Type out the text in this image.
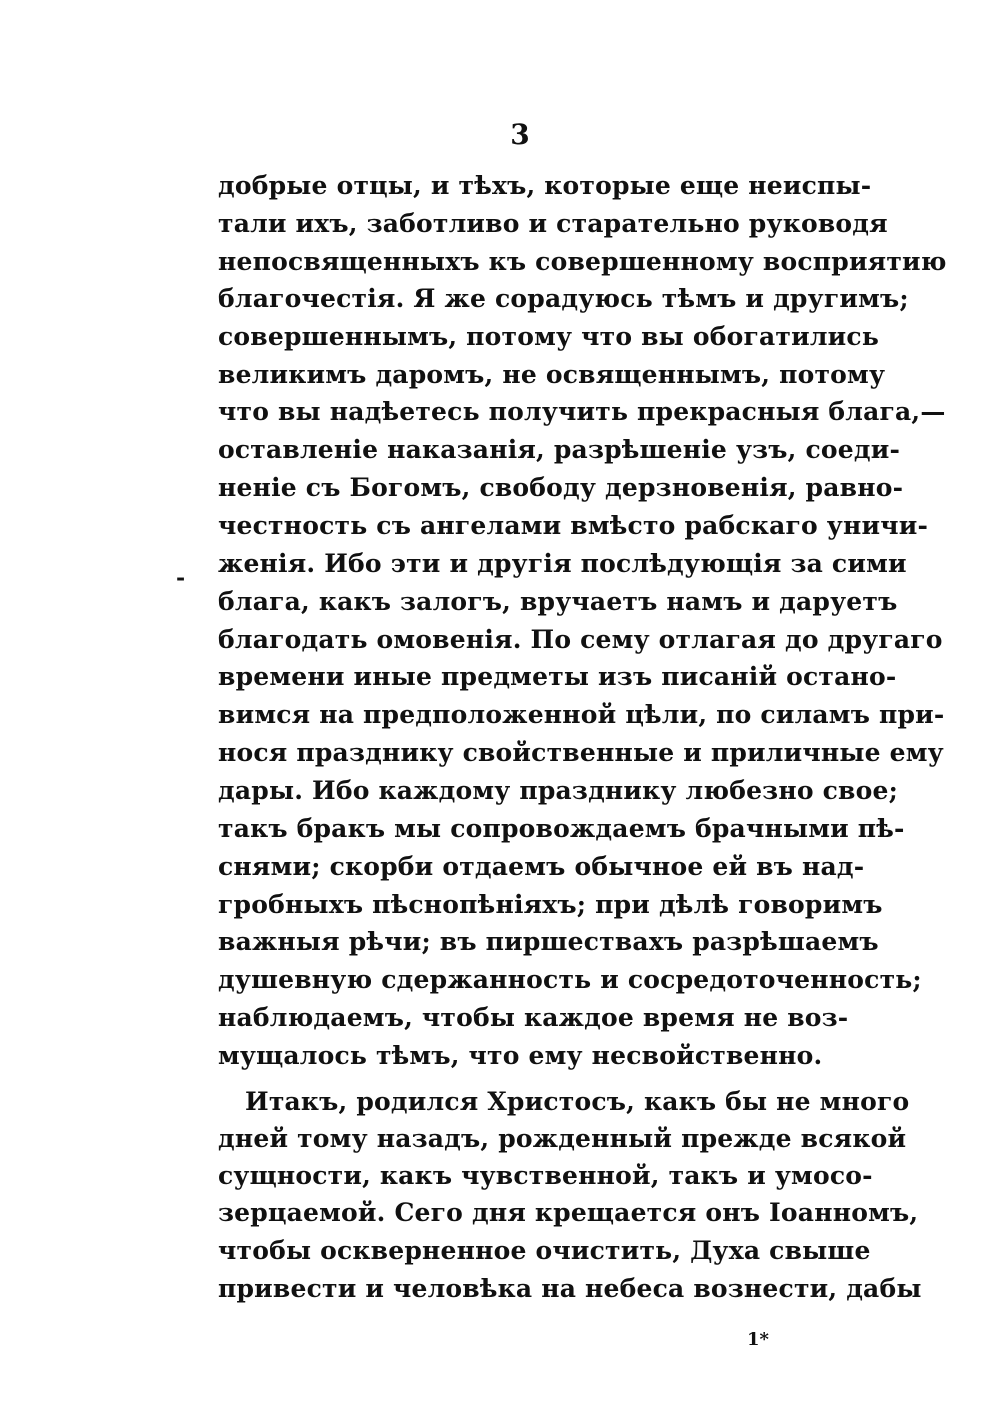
3
-
добрые отцы, и тѣхъ, которые еще неиспы-
тали ихъ, заботливо и старательно руководя
непосвященныхъ къ совершенному восприятию
благочестія. Я же сорадуюсь тѣмъ и другимъ;
совершеннымъ, потому что вы обогатились
великимъ даромъ, не освященнымъ, потому
что вы надѣетесь получить прекрасныя блага,—
оставленіе наказанія, разрѣшеніе узъ, соеди-
неніе съ Богомъ, свободу дерзновенія, равно-
честность съ ангелами вмѣсто рабскаго уничи-
женія. Ибо эти и другія послѣдующія за сими
блага, какъ залогъ, вручаетъ намъ и даруетъ
благодать омовенія. По сему отлагая до другаго
времени иные предметы изъ писаній остано-
вимся на предположенной цѣли, по силамъ при-
нося празднику свойственные и приличные ему
дары. Ибо каждому празднику любезно свое;
такъ бракъ мы сопровождаемъ брачными пѣ-
снями; скорби отдаемъ обычное ей въ над-
гробныхъ пѣснопѣніяхъ; при дѣлѣ говоримъ
важныя рѣчи; въ пиршествахъ разрѣшаемъ
душевную сдержанность и сосредоточенность;
наблюдаемъ, чтобы каждое время не воз-
мущалось тѣмъ, что ему несвойственно.
Итакъ, родился Христосъ, какъ бы не много
дней тому назадъ, рожденный прежде всякой
сущности, какъ чувственной, такъ и умосо-
зерцаемой. Сего дня крещается онъ Іоанномъ,
чтобы оскверненное очистить, Духа свыше
привести и человѣка на небеса вознести, дабы
1*
